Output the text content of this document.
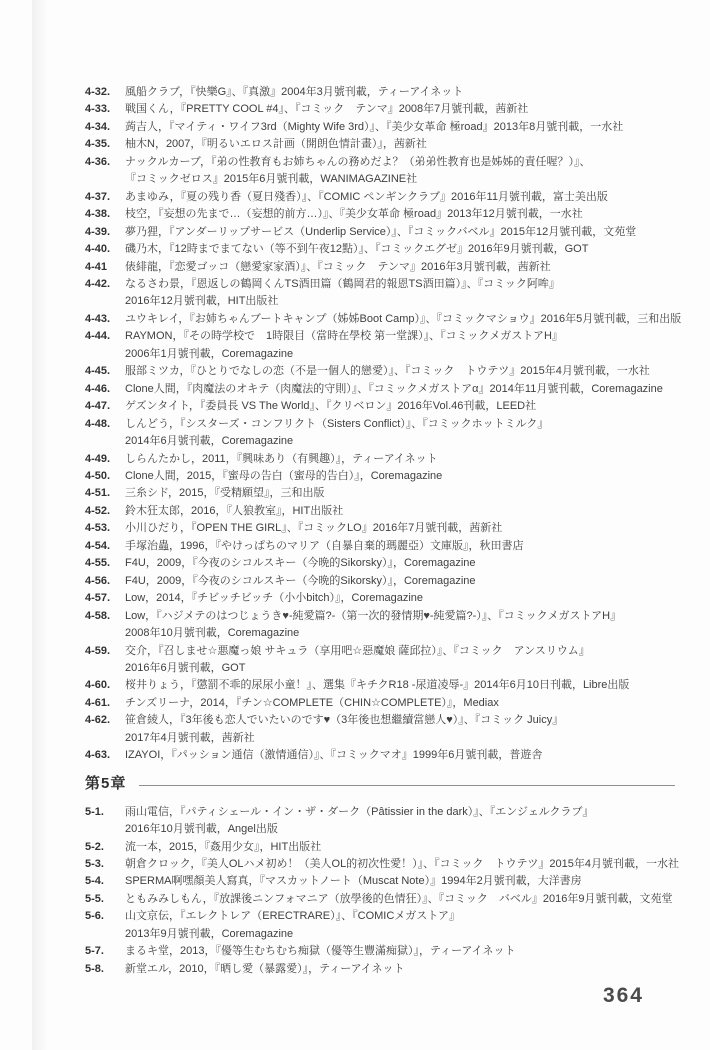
4-32.	風船クラブ，『快樂G』、『真激』2004年3月號刊載，ティーアイネット
4-33.	戦国くん，『PRETTY COOL #4』、『コミック　テンマ』2008年7月號刊載，茜新社
4-34.	蒟吉人，『マイティ・ワイフ3rd（Mighty Wife 3rd）』、『美少女革命 極road』2013年8月號刊載，一水社
4-35.	柚木N，2007，『明るいエロス計画（開朗色情計畫）』，茜新社
4-36.	ナックルカーブ，『弟の性教育もお姉ちゃんの務めだよ？（弟弟性教育也是姊姊的責任喔？）』、
『コミックゼロス』2015年6月號刊載，WANIMAGAZINE社
4-37.	あまゆみ，『夏の残り香（夏日殘香）』、『COMIC ペンギンクラブ』2016年11月號刊載，富士美出版
4-38.	枝空，『妄想の先まで…（妄想的前方…）』、『美少女革命 極road』2013年12月號刊載，一水社
4-39.	夢乃狸，『アンダーリップサービス（Underlip Service）』、『コミックバベル』2015年12月號刊載，文苑堂
4-40.	磯乃木，『12時までまてない（等不到午夜12點）』、『コミックエグゼ』2016年9月號刊載，GOT
4-41	俵緋龍，『恋愛ゴッコ（戀愛家家酒）』、『コミック　テンマ』2016年3月號刊載，茜新社
4-42.	なるさわ景，『恩返しの鶴岡くんTS酒田篇（鶴岡君的報恩TS酒田篇）』、『コミック阿哞』
2016年12月號刊載，HIT出版社
4-43.	ユウキレイ，『お姉ちゃんブートキャンプ（姊姊Boot Camp）』、『コミックマショウ』2016年5月號刊載，三和出版
4-44.	RAYMON，『その時学校で　1時限目（當時在學校 第一堂課）』、『コミックメガストアH』
2006年1月號刊載，Coremagazine
4-45.	服部ミツカ，『ひとりでなしの恋（不是一個人的戀愛）』、『コミック　トウテツ』2015年4月號刊載，一水社
4-46.	Clone人間，『肉魔法のオキテ（肉魔法的守則）』、『コミックメガストアα』2014年11月號刊載，Coremagazine
4-47.	ゲズンタイト，『委員長 VS The World』、『クリベロン』2016年Vol.46刊載，LEED社
4-48.	しんどう，『シスターズ・コンフリクト（Sisters Conflict）』、『コミックホットミルク』
2014年6月號刊載，Coremagazine
4-49.	しらんたかし，2011，『興味あり（有興趣）』，ティーアイネット
4-50.	Clone人間，2015，『蜜母の告白（蜜母的告白）』，Coremagazine
4-51.	三糸シド，2015，『受精願望』，三和出版
4-52.	鈴木狂太郎，2016，『人狼教室』，HIT出版社
4-53.	小川ひだり，『OPEN THE GIRL』、『コミックLO』2016年7月號刊載，茜新社
4-54.	手塚治蟲，1996，『やけっぱちのマリア（自暴自棄的瑪麗亞）文庫版』，秋田書店
4-55.	F4U，2009，『今夜のシコルスキー（今晩的Sikorsky）』，Coremagazine
4-56.	F4U，2009，『今夜のシコルスキー（今晩的Sikorsky）』，Coremagazine
4-57.	Low，2014，『チビッチビッチ（小小bitch）』，Coremagazine
4-58.	Low，『ハジメテのはつじょうき♥-純愛篇?-（第一次的發情期♥-純愛篇?-）』、『コミックメガストアH』
2008年10月號刊載，Coremagazine
4-59.	交介，『召しませ☆悪魔っ娘 サキュラ（享用吧☆惡魔娘 薩邱拉）』、『コミック　アンスリウム』
2016年6月號刊載，GOT
4-60.	桜井りょう，『懲罰不乖的尿尿小童！』、選集『キチクR18 -尿道凌辱-』2014年6月10日刊載，Libre出版
4-61.	チンズリーナ，2014，『チン☆COMPLETE（CHIN☆COMPLETE）』，Mediax
4-62.	笹倉綾人，『3年後も恋人でいたいのです♥（3年後也想繼續當戀人♥）』、『コミック Juicy』
2017年4月號刊載，茜新社
4-63.	IZAYOI，『パッション通信（激情通信）』、『コミックマオ』1999年6月號刊載，普遊舎
第5章
5-1.	雨山電信，『パティシェール・イン・ザ・ダーク（Pâtissier in the dark）』、『エンジェルクラブ』
2016年10月號刊載，Angel出版
5-2.	流一本，2015，『姦用少女』，HIT出版社
5-3.	朝倉クロック，『美人OLハメ初め！（美人OL的初次性愛！）』、『コミック　トウテツ』2015年4月號刊載，一水社
5-4.	SPERMA啊嘿顏美人寫真，『マスカットノート（Muscat Note）』1994年2月號刊載，大洋書房
5-5.	ともみみしもん，『放課後ニンフォマニア（放學後的色情狂）』、『コミック　バベル』2016年9月號刊載，文苑堂
5-6.	山文京伝，『エレクトレア（ERECTRARE）』、『COMICメガストア』
2013年9月號刊載，Coremagazine
5-7.	まるキ堂，2013，『優等生むちむち痴獄（優等生豐滿痴獄）』，ティーアイネット
5-8.	新堂エル，2010，『晒し愛（暴露愛）』，ティーアイネット
364
